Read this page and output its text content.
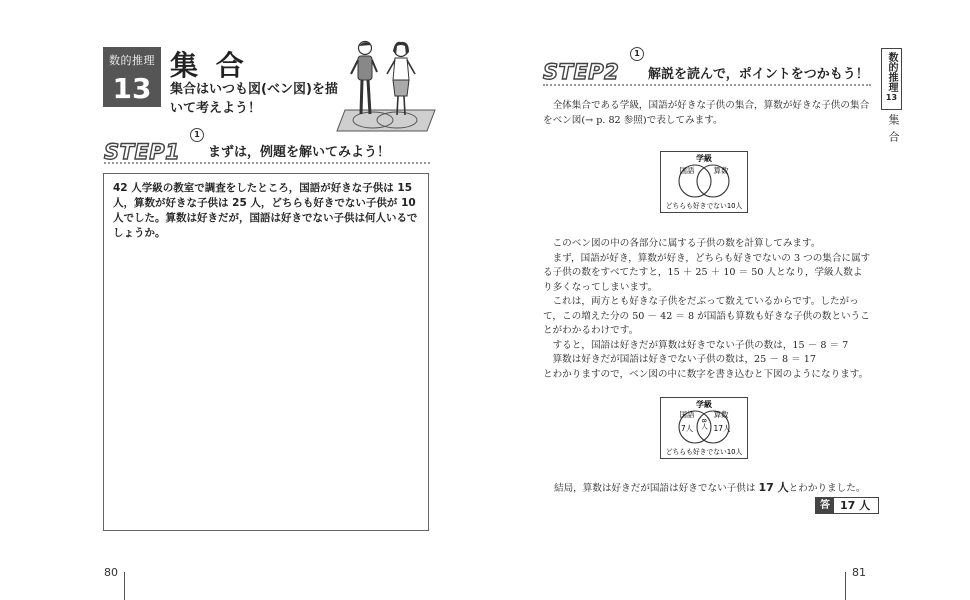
数的推理
13
集 合
集合はいつも図(ベン図)を描いて考えよう！
STEP1
1
まずは，例題を解いてみよう！
42 人学級の教室で調査をしたところ，国語が好きな子供は 15 人，算数が好きな子供は 25 人，どちらも好きでない子供が 10 人でした。算数は好きだが，国語は好きでない子供は何人いるでしょうか。
80
STEP2
1
解説を読んで，ポイントをつかもう！
全体集合である学級，国語が好きな子供の集合，算数が好きな子供の集合をベン図(→ p. 82 参照)で表してみます。
学級
国語	算数
どちらも好きでない10人

このベン図の中の各部分に属する子供の数を計算してみます。

まず，国語が好き，算数が好き，どちらも好きでないの 3 つの集合に属する子供の数をすべてたすと，15 ＋ 25 ＋ 10 ＝ 50 人となり，学級人数より多くなってしまいます。

これは，両方とも好きな子供をだぶって数えているからです。したがって，この増えた分の 50 － 42 ＝ 8 が国語も算数も好きな子供の数ということがわかるわけです。

すると，国語は好きだが算数は好きでない子供の数は，15 － 8 ＝ 7

算数は好きだが国語は好きでない子供の数は，25 － 8 ＝ 17

とわかりますので，ベン図の中に数字を書き込むと下図のようになります。

学級
国語	算数
7人 8人 17人
どちらも好きでない10人
結局，算数は好きだが国語は好きでない子供は 17 人とわかりました。
答 17 人
数的推理
13
集合
81
